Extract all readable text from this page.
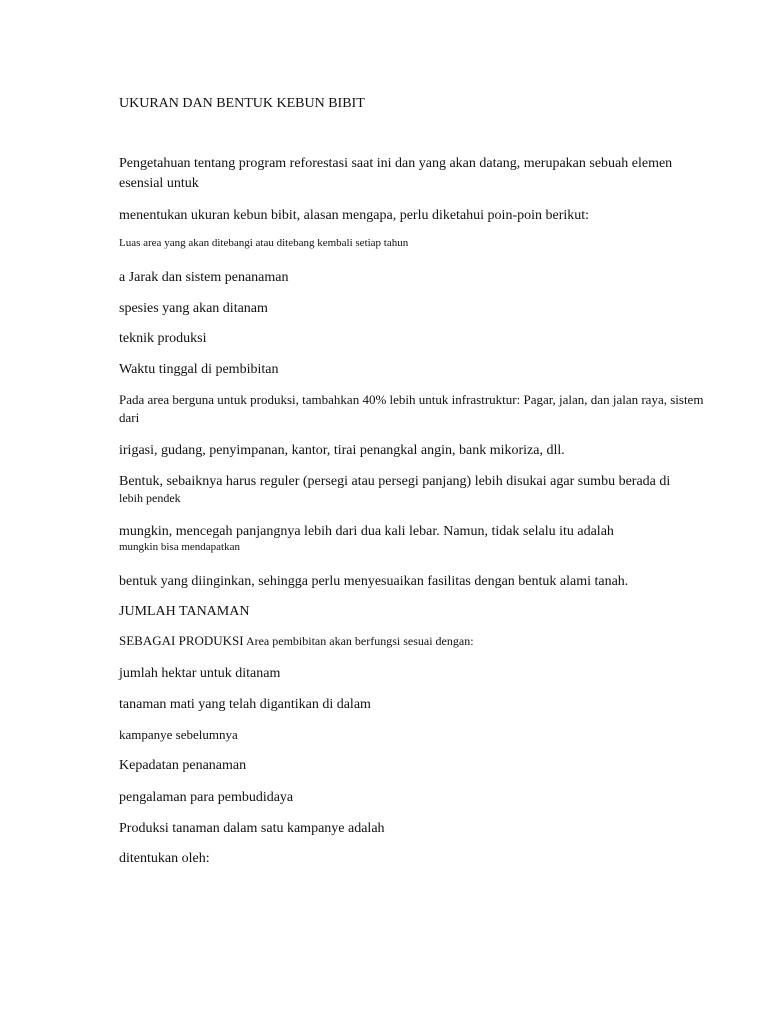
UKURAN DAN BENTUK KEBUN BIBIT
Pengetahuan tentang program reforestasi saat ini dan yang akan datang, merupakan sebuah elemen esensial untuk
menentukan ukuran kebun bibit, alasan mengapa, perlu diketahui poin-poin berikut:
Luas area yang akan ditebangi atau ditebang kembali setiap tahun
a Jarak dan sistem penanaman
spesies yang akan ditanam
teknik produksi
Waktu tinggal di pembibitan
Pada area berguna untuk produksi, tambahkan 40% lebih untuk infrastruktur: Pagar, jalan, dan jalan raya, sistem dari
irigasi, gudang, penyimpanan, kantor, tirai penangkal angin, bank mikoriza, dll.
Bentuk, sebaiknya harus reguler (persegi atau persegi panjang) lebih disukai agar sumbu berada di
lebih pendek
mungkin, mencegah panjangnya lebih dari dua kali lebar. Namun, tidak selalu itu adalah
mungkin bisa mendapatkan
bentuk yang diinginkan, sehingga perlu menyesuaikan fasilitas dengan bentuk alami tanah.
JUMLAH TANAMAN
SEBAGAI PRODUKSI Area pembibitan akan berfungsi sesuai dengan:
jumlah hektar untuk ditanam
tanaman mati yang telah digantikan di dalam
kampanye sebelumnya
Kepadatan penanaman
pengalaman para pembudidaya
Produksi tanaman dalam satu kampanye adalah
ditentukan oleh:
